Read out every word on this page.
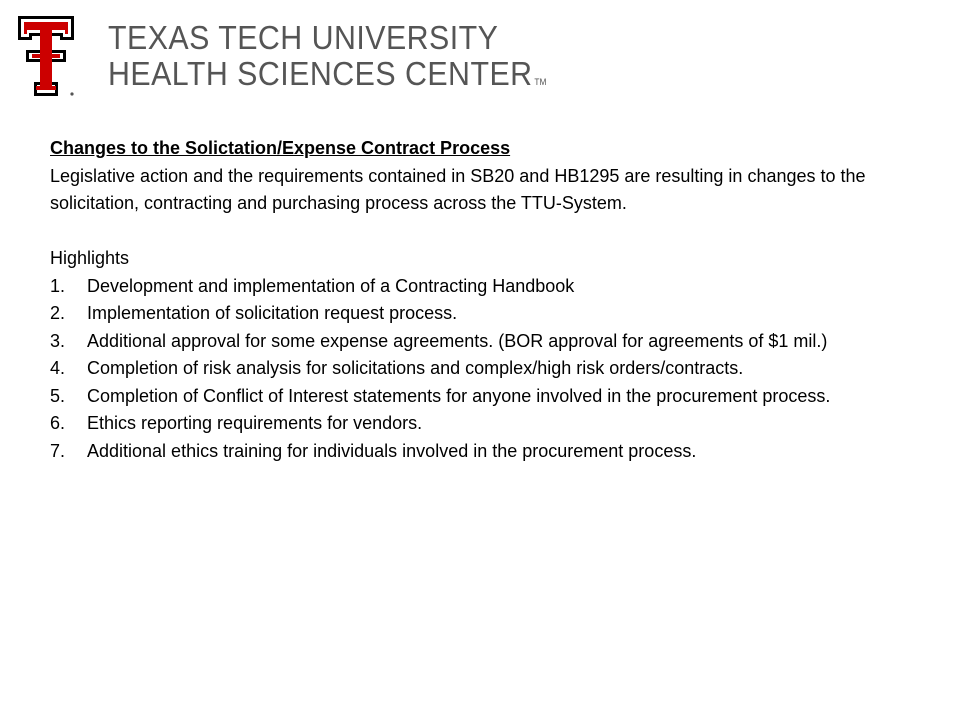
TEXAS TECH UNIVERSITY
HEALTH SCIENCES CENTER TM
Changes to the Solictation/Expense Contract Process
Legislative action and the requirements contained in SB20 and HB1295 are resulting in changes to the solicitation, contracting and purchasing process across the TTU-System.
Highlights
1. Development and implementation of a Contracting Handbook
2. Implementation of solicitation request process.
3. Additional approval for some expense agreements. (BOR approval for agreements of $1 mil.)
4. Completion of risk analysis for solicitations and complex/high risk orders/contracts.
5. Completion of Conflict of Interest statements for anyone involved in the procurement process.
6. Ethics reporting requirements for vendors.
7. Additional ethics training for individuals involved in the procurement process.
